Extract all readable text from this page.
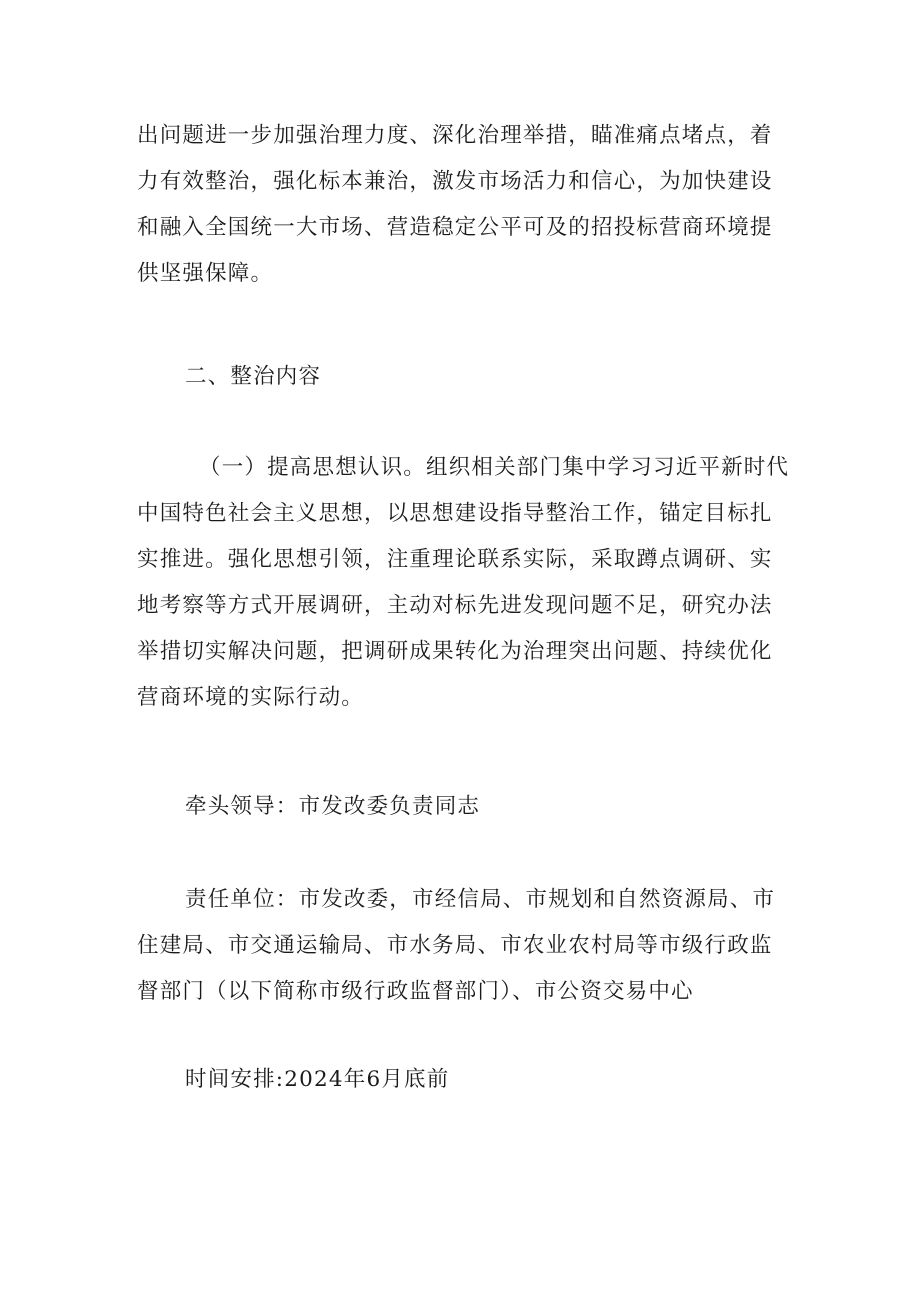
出问题进一步加强治理力度、深化治理举措，瞄准痛点堵点，着
力有效整治，强化标本兼治，激发市场活力和信心，为加快建设
和融入全国统一大市场、营造稳定公平可及的招投标营商环境提
供坚强保障。
二、整治内容
（一）提高思想认识。组织相关部门集中学习习近平新时代
中国特色社会主义思想，以思想建设指导整治工作，锚定目标扎
实推进。强化思想引领，注重理论联系实际，采取蹲点调研、实
地考察等方式开展调研，主动对标先进发现问题不足，研究办法
举措切实解决问题，把调研成果转化为治理突出问题、持续优化
营商环境的实际行动。
牵头领导：市发改委负责同志
责任单位：市发改委，市经信局、市规划和自然资源局、市
住建局、市交通运输局、市水务局、市农业农村局等市级行政监
督部门（以下简称市级行政监督部门）、市公资交易中心
时间安排:2024年6月底前
